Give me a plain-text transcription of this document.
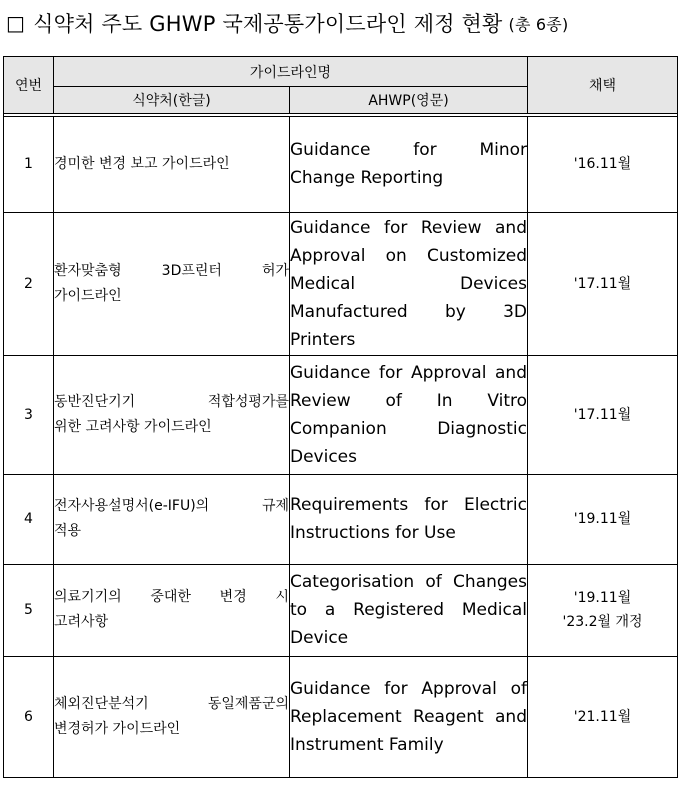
□ 식약처 주도 GHWP 국제공통가이드라인 제정 현황 (총 6종)
연번	가이드라인명		채택
	식약처(한글)	AHWP(영문)	

1	경미한 변경 보고 가이드라인	Guidance for Minor
Change Reporting	'16.11월

2	환자맞춤형 3D프린터 허가
가이드라인	Guidance for Review and
Approval on Customized
Medical Devices
Manufactured by 3D Printers	'17.11월

3	동반진단기기 적합성평가를
위한 고려사항 가이드라인	Guidance for Approval and
Review of In Vitro
Companion Diagnostic
Devices	'17.11월

4	전자사용설명서(e-IFU)의 규제
적용	Requirements for Electric
Instructions for Use	'19.11월

5	의료기기의 중대한 변경 시
고려사항	Categorisation of Changes
to a Registered Medical
Device	'19.11월
'23.2월 개정

6	체외진단분석기 동일제품군의
변경허가 가이드라인	Guidance for Approval of
Replacement Reagent and
Instrument Family	'21.11월
